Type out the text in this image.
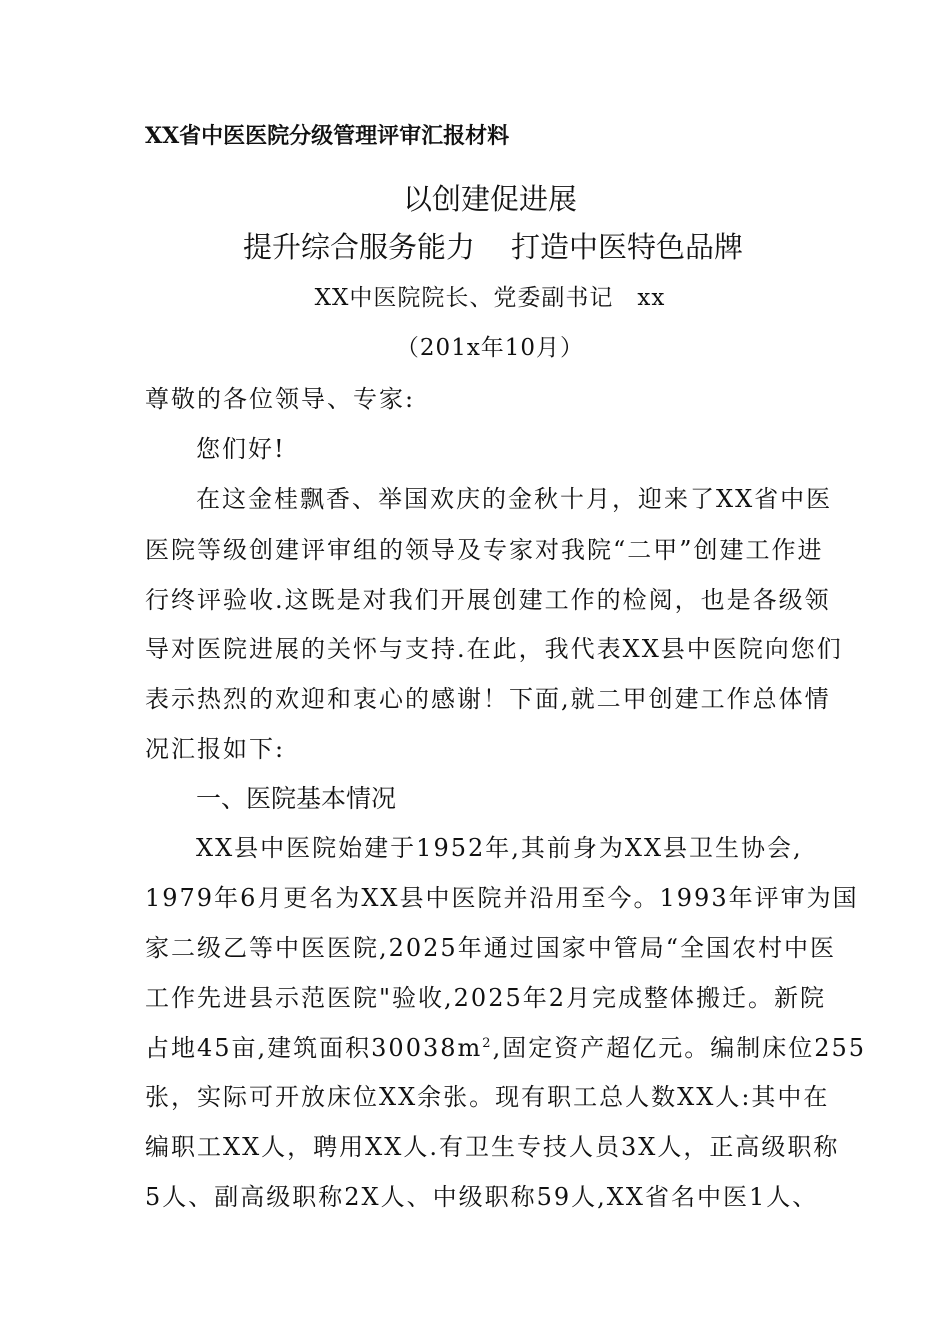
XX省中医医院分级管理评审汇报材料
以创建促进展
提升综合服务能力 打造中医特色品牌
XX中医院院长、党委副书记　xx
（201x年10月）
尊敬的各位领导、专家:
您们好!
在这金桂飘香、举国欢庆的金秋十月，迎来了XX省中医
医院等级创建评审组的领导及专家对我院“二甲”创建工作进
行终评验收.这既是对我们开展创建工作的检阅，也是各级领
导对医院进展的关怀与支持.在此，我代表XX县中医院向您们
表示热烈的欢迎和衷心的感谢！下面,就二甲创建工作总体情
况汇报如下:
一、医院基本情况
XX县中医院始建于1952年,其前身为XX县卫生协会,
1979年6月更名为XX县中医院并沿用至今。1993年评审为国
家二级乙等中医医院,2025年通过国家中管局“全国农村中医
工作先进县示范医院"验收,2025年2月完成整体搬迁。新院
占地45亩,建筑面积$30038m^2$,固定资产超亿元。编制床位255
张，实际可开放床位XX余张。现有职工总人数XX人:其中在
编职工XX人，聘用XX人.有卫生专技人员3X人，正高级职称
5人、副高级职称2X人、中级职称59人,XX省名中医1人、
